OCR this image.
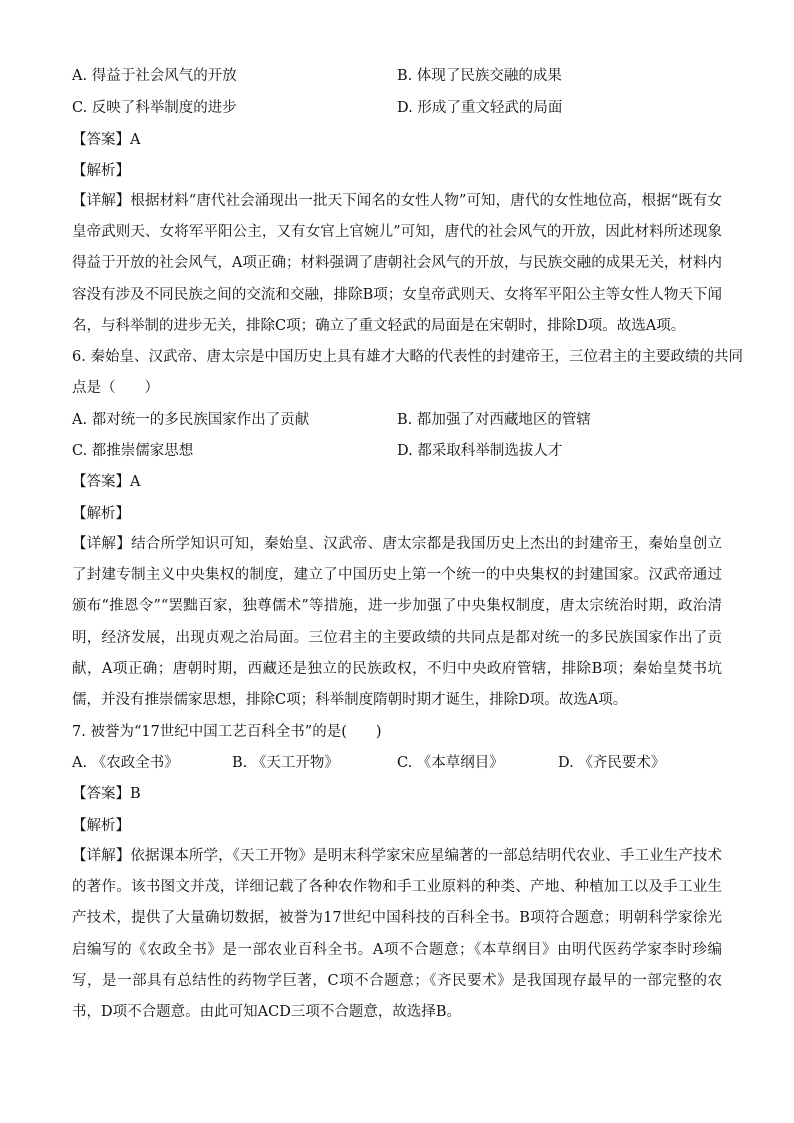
A. 得益于社会风气的开放	B. 体现了民族交融的成果
C. 反映了科举制度的进步	D. 形成了重文轻武的局面
【答案】A
【解析】
【详解】根据材料“唐代社会涌现出一批天下闻名的女性人物”可知，唐代的女性地位高，根据“既有女皇帝武则天、女将军平阳公主，又有女官上官婉儿”可知，唐代的社会风气的开放，因此材料所述现象得益于开放的社会风气，A项正确；材料强调了唐朝社会风气的开放，与民族交融的成果无关，材料内容没有涉及不同民族之间的交流和交融，排除B项；女皇帝武则天、女将军平阳公主等女性人物天下闻名，与科举制的进步无关，排除C项；确立了重文轻武的局面是在宋朝时，排除D项。故选A项。
6. 秦始皇、汉武帝、唐太宗是中国历史上具有雄才大略的代表性的封建帝王，三位君主的主要政绩的共同
点是（　　）
A. 都对统一的多民族国家作出了贡献	B. 都加强了对西藏地区的管辖
C. 都推崇儒家思想	D. 都采取科举制选拔人才
【答案】A
【解析】
【详解】结合所学知识可知，秦始皇、汉武帝、唐太宗都是我国历史上杰出的封建帝王，秦始皇创立了封建专制主义中央集权的制度，建立了中国历史上第一个统一的中央集权的封建国家。汉武帝通过颁布“推恩令”“罢黜百家，独尊儒术”等措施，进一步加强了中央集权制度，唐太宗统治时期，政治清明，经济发展，出现贞观之治局面。三位君主的主要政绩的共同点是都对统一的多民族国家作出了贡献，A项正确；唐朝时期，西藏还是独立的民族政权，不归中央政府管辖，排除B项；秦始皇焚书坑儒，并没有推崇儒家思想，排除C项；科举制度隋朝时期才诞生，排除D项。故选A项。
7. 被誉为“17世纪中国工艺百科全书”的是(　　)
A. 《农政全书》	B. 《天工开物》	C. 《本草纲目》	D. 《齐民要术》
【答案】B
【解析】
【详解】依据课本所学，《天工开物》是明末科学家宋应星编著的一部总结明代农业、手工业生产技术的著作。该书图文并茂，详细记载了各种农作物和手工业原料的种类、产地、种植加工以及手工业生产技术，提供了大量确切数据，被誉为17世纪中国科技的百科全书。B项符合题意；明朝科学家徐光启编写的《农政全书》是一部农业百科全书。A项不合题意；《本草纲目》由明代医药学家李时珍编写，是一部具有总结性的药物学巨著，C项不合题意；《齐民要术》是我国现存最早的一部完整的农书，D项不合题意。由此可知ACD三项不合题意，故选择B。
